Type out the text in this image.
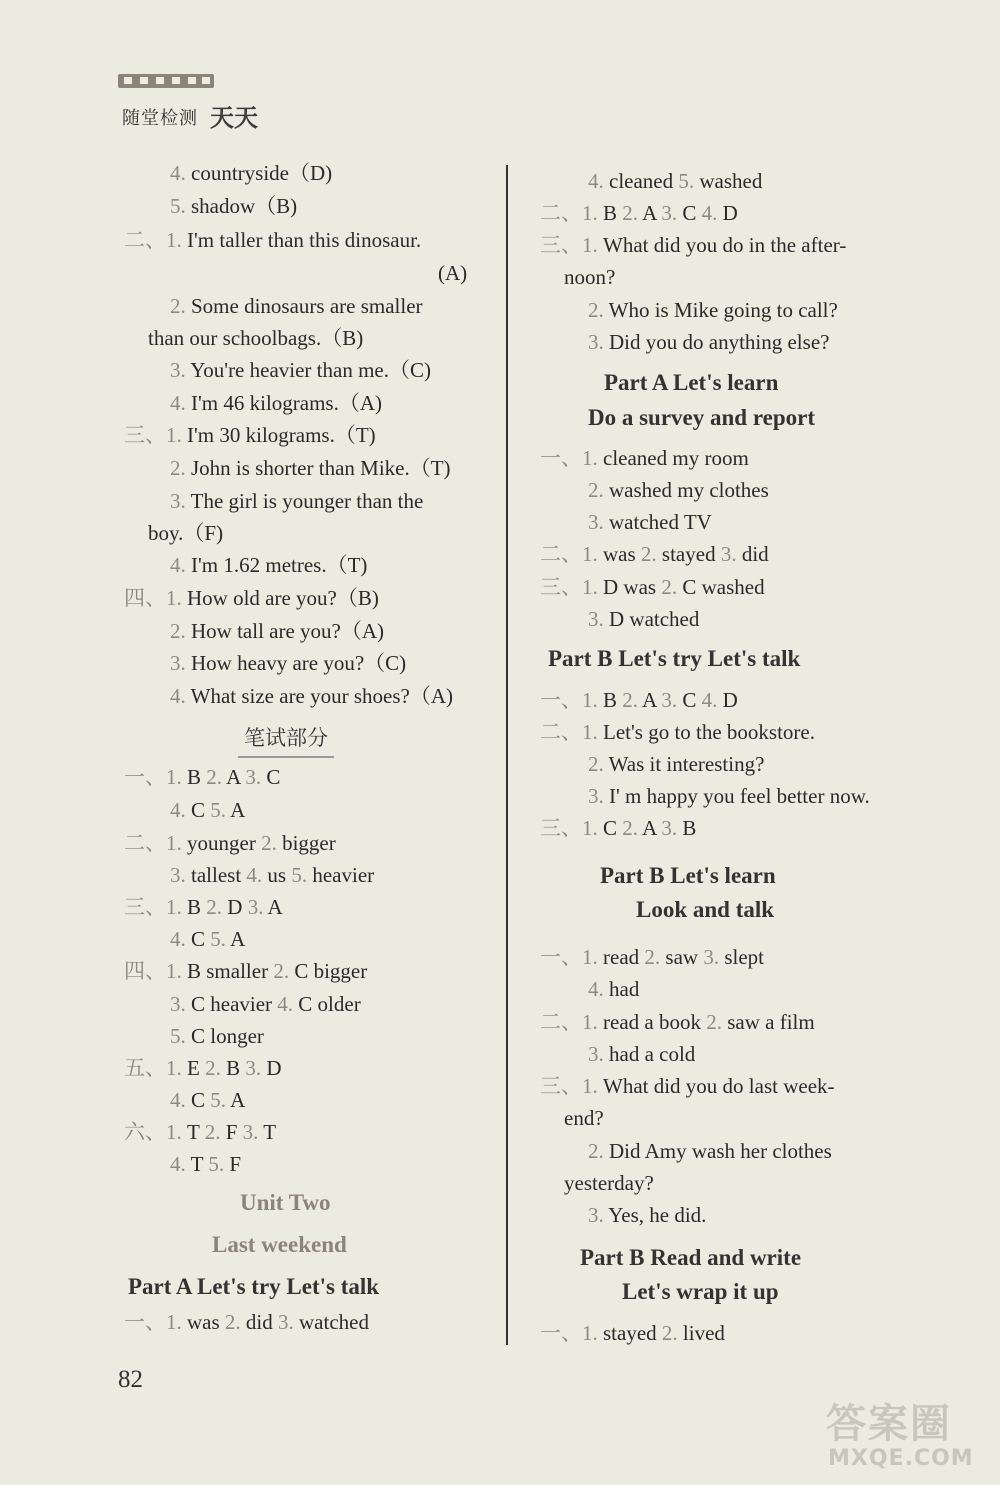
随堂检测 天天
4. countryside（D)
5. shadow（B)
二、1. I'm taller than this dinosaur.
(A)
2. Some dinosaurs are smaller
than our schoolbags.（B)
3. You're heavier than me.（C)
4. I'm 46 kilograms.（A)
三、1. I'm 30 kilograms.（T)
2. John is shorter than Mike.（T)
3. The girl is younger than the
boy.（F)
4. I'm 1.62 metres.（T)
四、1. How old are you?（B)
2. How tall are you?（A)
3. How heavy are you?（C)
4. What size are your shoes?（A)
一、1. B 2. A 3. C
4. C 5. A
二、1. younger 2. bigger
3. tallest 4. us 5. heavier
三、1. B 2. D 3. A
4. C 5. A
四、1. B smaller 2. C bigger
3. C heavier 4. C older
5. C longer
五、1. E 2. B 3. D
4. C 5. A
六、1. T 2. F 3. T
4. T 5. F
一、1. was 2. did 3. watched
笔试部分
Unit Two
Last weekend
Part A Let's try Let's talk
4. cleaned 5. washed
二、1. B 2. A 3. C 4. D
三、1. What did you do in the after-
noon?
2. Who is Mike going to call?
3. Did you do anything else?
一、1. cleaned my room
2. washed my clothes
3. watched TV
二、1. was 2. stayed 3. did
三、1. D was 2. C washed
3. D watched
一、1. B 2. A 3. C 4. D
二、1. Let's go to the bookstore.
2. Was it interesting?
3. I' m happy you feel better now.
三、1. C 2. A 3. B
一、1. read 2. saw 3. slept
4. had
二、1. read a book 2. saw a film
3. had a cold
三、1. What did you do last week-
end?
2. Did Amy wash her clothes
yesterday?
3. Yes, he did.
一、1. stayed 2. lived
Part A Let's learn
Do a survey and report
Part B Let's try Let's talk
Part B Let's learn
Look and talk
Part B Read and write
Let's wrap it up
82
答案圈
MXQE.COM
